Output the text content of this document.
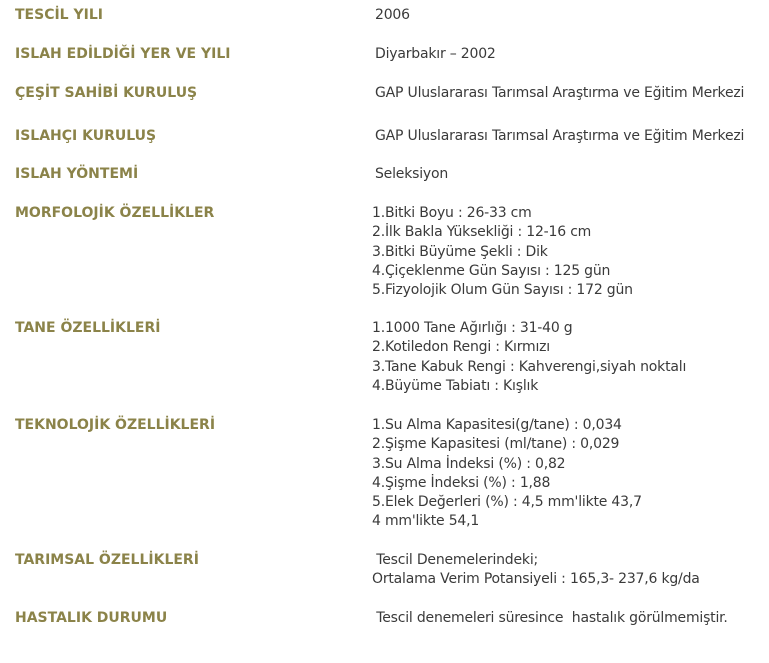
TESCİL YILI	2006
ISLAH EDİLDİĞİ YER VE YILI	Diyarbakır – 2002
ÇEŞİT SAHİBİ KURULUŞ	GAP Uluslararası Tarımsal Araştırma ve Eğitim Merkezi
ISLAHÇI KURULUŞ	GAP Uluslararası Tarımsal Araştırma ve Eğitim Merkezi
ISLAH YÖNTEMİ	Seleksiyon
MORFOLOJİK ÖZELLİKLER	1.Bitki Boyu : 26-33 cm
2.İlk Bakla Yüksekliği : 12-16 cm
3.Bitki Büyüme Şekli : Dik
4.Çiçeklenme Gün Sayısı : 125 gün
5.Fizyolojik Olum Gün Sayısı : 172 gün
TANE ÖZELLİKLERİ	1.1000 Tane Ağırlığı : 31-40 g
2.Kotiledon Rengi : Kırmızı
3.Tane Kabuk Rengi : Kahverengi,siyah noktalı
4.Büyüme Tabiatı : Kışlık
TEKNOLOJİK ÖZELLİKLERİ	1.Su Alma Kapasitesi(g/tane) : 0,034
2.Şişme Kapasitesi (ml/tane) : 0,029
3.Su Alma İndeksi (%) : 0,82
4.Şişme İndeksi (%) : 1,88
5.Elek Değerleri (%) : 4,5 mm'likte 43,7
4 mm'likte 54,1
TARIMSAL ÖZELLİKLERİ	Tescil Denemelerindeki;
Ortalama Verim Potansiyeli : 165,3- 237,6 kg/da
HASTALIK DURUMU	Tescil denemeleri süresince  hastalık görülmemiştir.
